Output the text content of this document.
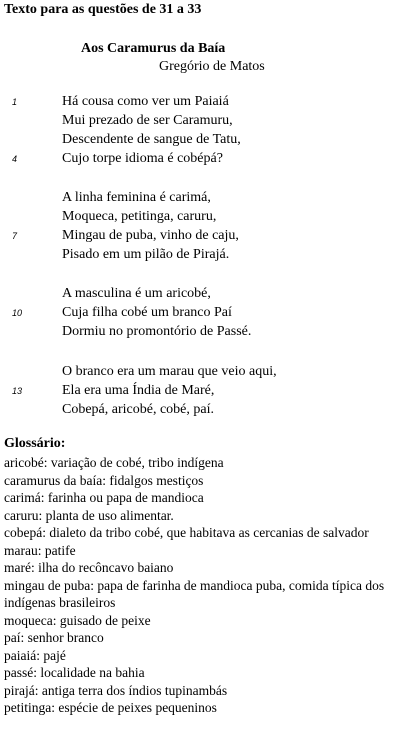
Texto para as questões de 31 a 33
Aos Caramurus da Baía
Gregório de Matos
Há cousa como ver um Paiaiá
Mui prezado de ser Caramuru,
Descendente de sangue de Tatu,
Cujo torpe idioma é cobépá?
1
4
A linha feminina é carimá,
Moqueca, petitinga, caruru,
Mingau de puba, vinho de caju,
Pisado em um pilão de Pirajá.
7
A masculina é um aricobé,
Cuja filha cobé um branco Paí
Dormiu no promontório de Passé.
10
O branco era um marau que veio aqui,
Ela era uma Índia de Maré,
Cobepá, aricobé, cobé, paí.
13
Glossário:
aricobé: variação de cobé, tribo indígena
caramurus da baía: fidalgos mestiços
carimá: farinha ou papa de mandioca
caruru: planta de uso alimentar.
cobepá: dialeto da tribo cobé, que habitava as cercanias de salvador
marau: patife
maré: ilha do recôncavo baiano
mingau de puba: papa de farinha de mandioca puba, comida típica dos indígenas brasileiros
moqueca: guisado de peixe
paí: senhor branco
paiaiá: pajé
passé: localidade na bahia
pirajá: antiga terra dos índios tupinambás
petitinga: espécie de peixes pequeninos
